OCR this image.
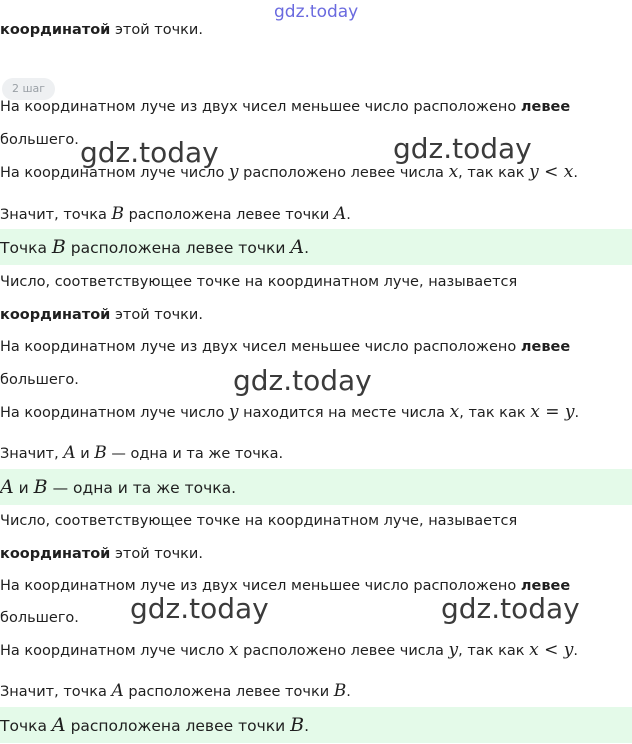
gdz.today
gdz.today	gdz.today
gdz.today
gdz.today	gdz.today
координатой этой точки.
2 шаг
На координатном луче из двух чисел меньшее число расположено левее
большего.
На координатном луче число y расположено левее числа x, так как y < x.
Значит, точка B расположена левее точки A.
Точка B расположена левее точки A.
Число, соответствующее точке на координатном луче, называется
координатой этой точки.
На координатном луче из двух чисел меньшее число расположено левее
большего.
На координатном луче число y находится на месте числа x, так как x = y.
Значит, A и B — одна и та же точка.
A и B — одна и та же точка.
Число, соответствующее точке на координатном луче, называется
координатой этой точки.
На координатном луче из двух чисел меньшее число расположено левее
большего.
На координатном луче число x расположено левее числа y, так как x < y.
Значит, точка A расположена левее точки B.
Точка A расположена левее точки B.
